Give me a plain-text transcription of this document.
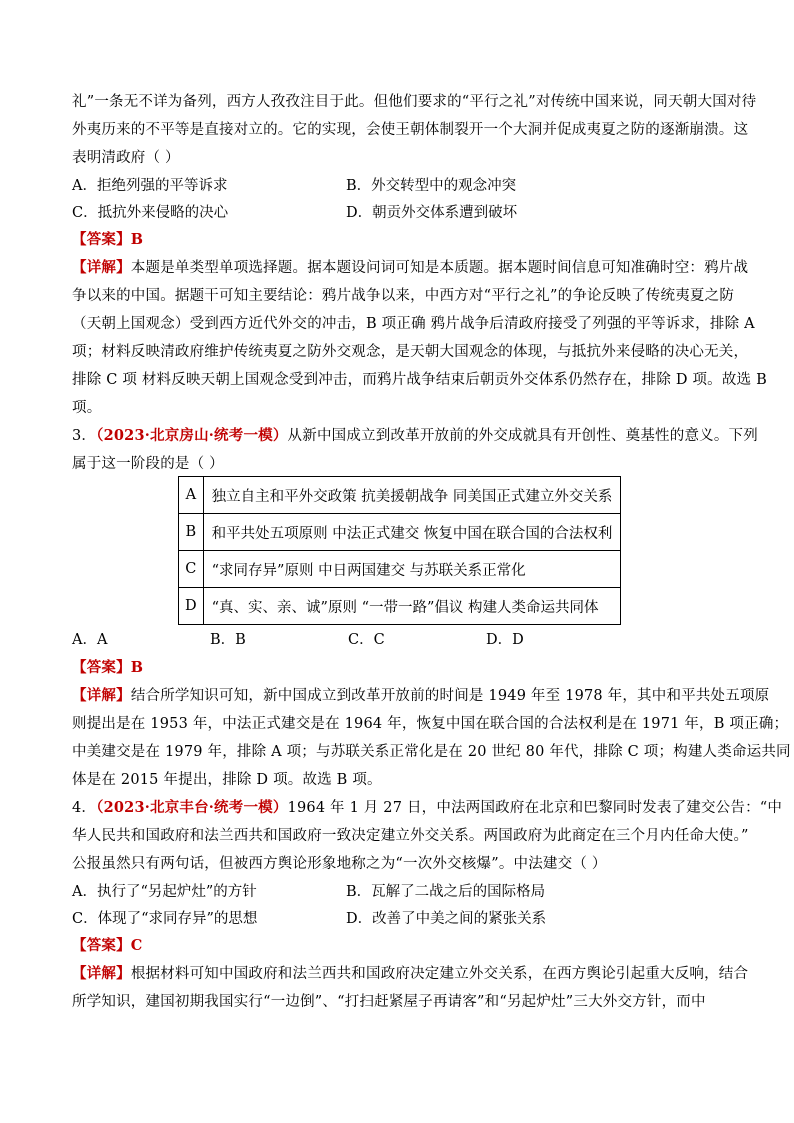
礼”一条无不详为备列，西方人孜孜注目于此。但他们要求的“平行之礼”对传统中国来说，同天朝大国对待
外夷历来的不平等是直接对立的。它的实现，会使王朝体制裂开一个大洞并促成夷夏之防的逐渐崩溃。这
表明清政府（ ）
A．拒绝列强的平等诉求	B．外交转型中的观念冲突
C．抵抗外来侵略的决心	D．朝贡外交体系遭到破坏
【答案】B
【详解】本题是单类型单项选择题。据本题设问词可知是本质题。据本题时间信息可知准确时空：鸦片战
争以来的中国。据题干可知主要结论：鸦片战争以来，中西方对“平行之礼”的争论反映了传统夷夏之防
（天朝上国观念）受到西方近代外交的冲击，B 项正确 鸦片战争后清政府接受了列强的平等诉求，排除 A
项；材料反映清政府维护传统夷夏之防外交观念，是天朝大国观念的体现，与抵抗外来侵略的决心无关，
排除 C 项 材料反映天朝上国观念受到冲击，而鸦片战争结束后朝贡外交体系仍然存在，排除 D 项。故选 B
项。
3．（2023·北京房山·统考一模）从新中国成立到改革开放前的外交成就具有开创性、奠基性的意义。下列
属于这一阶段的是（ ）
A	独立自主和平外交政策 抗美援朝战争 同美国正式建立外交关系
B	和平共处五项原则 中法正式建交 恢复中国在联合国的合法权利
C	“求同存异”原则 中日两国建交 与苏联关系正常化
D	“真、实、亲、诚”原则 “一带一路”倡议 构建人类命运共同体
A．A	B．B	C．C	D．D
【答案】B
【详解】结合所学知识可知，新中国成立到改革开放前的时间是 1949 年至 1978 年，其中和平共处五项原
则提出是在 1953 年，中法正式建交是在 1964 年，恢复中国在联合国的合法权利是在 1971 年，B 项正确；
中美建交是在 1979 年，排除 A 项；与苏联关系正常化是在 20 世纪 80 年代，排除 C 项；构建人类命运共同
体是在 2015 年提出，排除 D 项。故选 B 项。
4．（2023·北京丰台·统考一模）1964 年 1 月 27 日，中法两国政府在北京和巴黎同时发表了建交公告：“中
华人民共和国政府和法兰西共和国政府一致决定建立外交关系。两国政府为此商定在三个月内任命大使。”
公报虽然只有两句话，但被西方舆论形象地称之为“一次外交核爆”。中法建交（ ）
A．执行了“另起炉灶”的方针	B．瓦解了二战之后的国际格局
C．体现了“求同存异”的思想	D．改善了中美之间的紧张关系
【答案】C
【详解】根据材料可知中国政府和法兰西共和国政府决定建立外交关系，在西方舆论引起重大反响，结合
所学知识，建国初期我国实行“一边倒”、“打扫赶紧屋子再请客”和“另起炉灶”三大外交方针，而中
